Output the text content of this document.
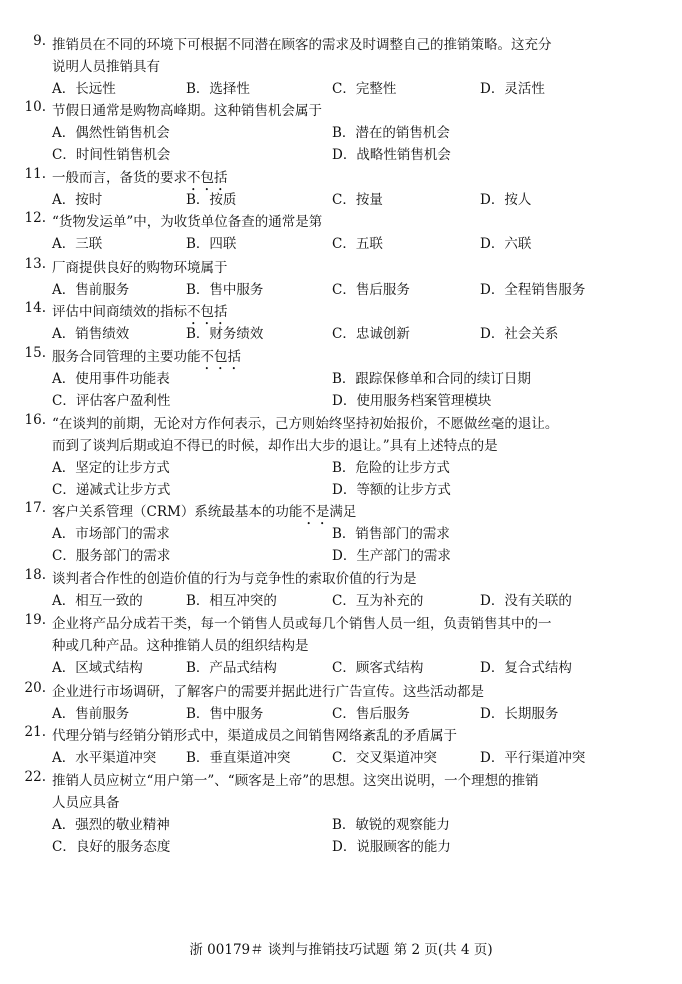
9. 推销员在不同的环境下可根据不同潜在顾客的需求及时调整自己的推销策略。这充分
说明人员推销具有
A．长远性	B．选择性	C．完整性	D．灵活性
10. 节假日通常是购物高峰期。这种销售机会属于
A．偶然性销售机会	B．潜在的销售机会
C．时间性销售机会	D．战略性销售机会
11. 一般而言，备货的要求不包括
A．按时	B．按质	C．按量	D．按人
12. “货物发运单”中，为收货单位备查的通常是第
A．三联	B．四联	C．五联	D．六联
13. 厂商提供良好的购物环境属于
A．售前服务	B．售中服务	C．售后服务	D．全程销售服务
14. 评估中间商绩效的指标不包括
A．销售绩效	B．财务绩效	C．忠诚创新	D．社会关系
15. 服务合同管理的主要功能不包括
A．使用事件功能表	B．跟踪保修单和合同的续订日期
C．评估客户盈利性	D．使用服务档案管理模块
16. “在谈判的前期，无论对方作何表示，己方则始终坚持初始报价，不愿做丝毫的退让。
而到了谈判后期或迫不得已的时候，却作出大步的退让。”具有上述特点的是
A．坚定的让步方式	B．危险的让步方式
C．递减式让步方式	D．等额的让步方式
17. 客户关系管理（CRM）系统最基本的功能不是满足
A．市场部门的需求	B．销售部门的需求
C．服务部门的需求	D．生产部门的需求
18. 谈判者合作性的创造价值的行为与竞争性的索取价值的行为是
A．相互一致的	B．相互冲突的	C．互为补充的	D．没有关联的
19. 企业将产品分成若干类，每一个销售人员或每几个销售人员一组，负责销售其中的一
种或几种产品。这种推销人员的组织结构是
A．区域式结构	B．产品式结构	C．顾客式结构	D．复合式结构
20. 企业进行市场调研，了解客户的需要并据此进行广告宣传。这些活动都是
A．售前服务	B．售中服务	C．售后服务	D．长期服务
21. 代理分销与经销分销形式中，渠道成员之间销售网络紊乱的矛盾属于
A．水平渠道冲突 B．垂直渠道冲突	C．交叉渠道冲突	D．平行渠道冲突
22. 推销人员应树立“用户第一”、“顾客是上帝”的思想。这突出说明，一个理想的推销
人员应具备
A．强烈的敬业精神	B．敏锐的观察能力
C．良好的服务态度	D．说服顾客的能力
浙 00179＃ 谈判与推销技巧试题 第 2 页(共 4 页)
